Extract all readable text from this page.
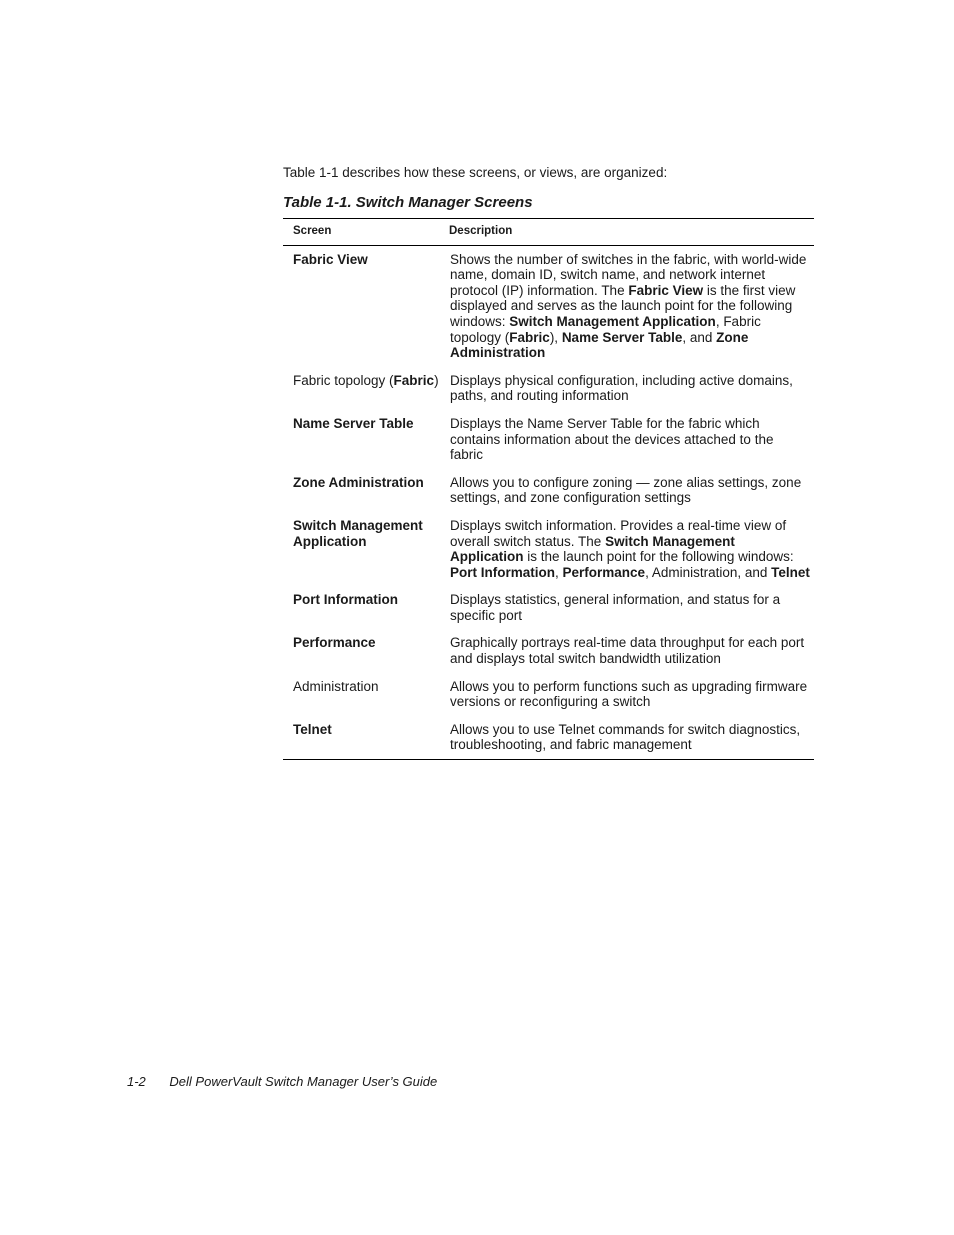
Table 1-1 describes how these screens, or views, are organized:

Table 1-1. Switch Manager Screens
Screen	Description
Fabric View	Shows the number of switches in the fabric, with world-wide name, domain ID, switch name, and network internet protocol (IP) information. The Fabric View is the first view displayed and serves as the launch point for the following windows: Switch Management Application, Fabric topology (Fabric), Name Server Table, and Zone Administration
Fabric topology (Fabric)	Displays physical configuration, including active domains, paths, and routing information
Name Server Table	Displays the Name Server Table for the fabric which contains information about the devices attached to the fabric
Zone Administration	Allows you to configure zoning — zone alias settings, zone settings, and zone configuration settings
Switch Management Application	Displays switch information. Provides a real-time view of overall switch status. The Switch Management Application is the launch point for the following windows: Port Information, Performance, Administration, and Telnet
Port Information	Displays statistics, general information, and status for a specific port
Performance	Graphically portrays real-time data throughput for each port and displays total switch bandwidth utilization
Administration	Allows you to perform functions such as upgrading firmware versions or reconfiguring a switch
Telnet	Allows you to use Telnet commands for switch diagnostics, troubleshooting, and fabric management
1-2 Dell PowerVault Switch Manager User’s Guide
